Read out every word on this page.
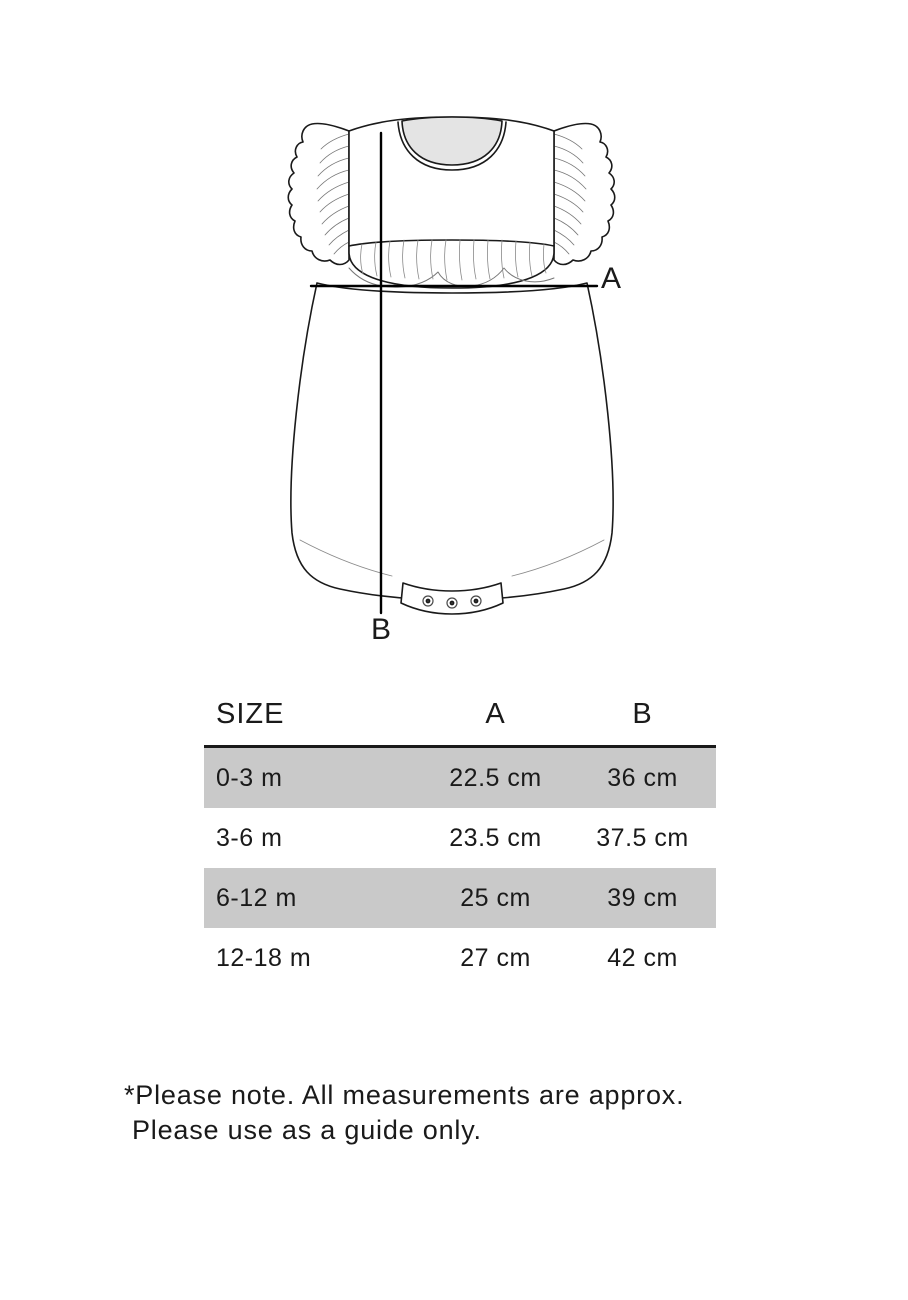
A
B
SIZE	A	B
0-3 m	22.5 cm	36 cm
3-6 m	23.5 cm	37.5 cm
6-12 m	25 cm	39 cm
12-18 m	27 cm	42 cm
*Please note. All measurements are approx.
Please use as a guide only.
